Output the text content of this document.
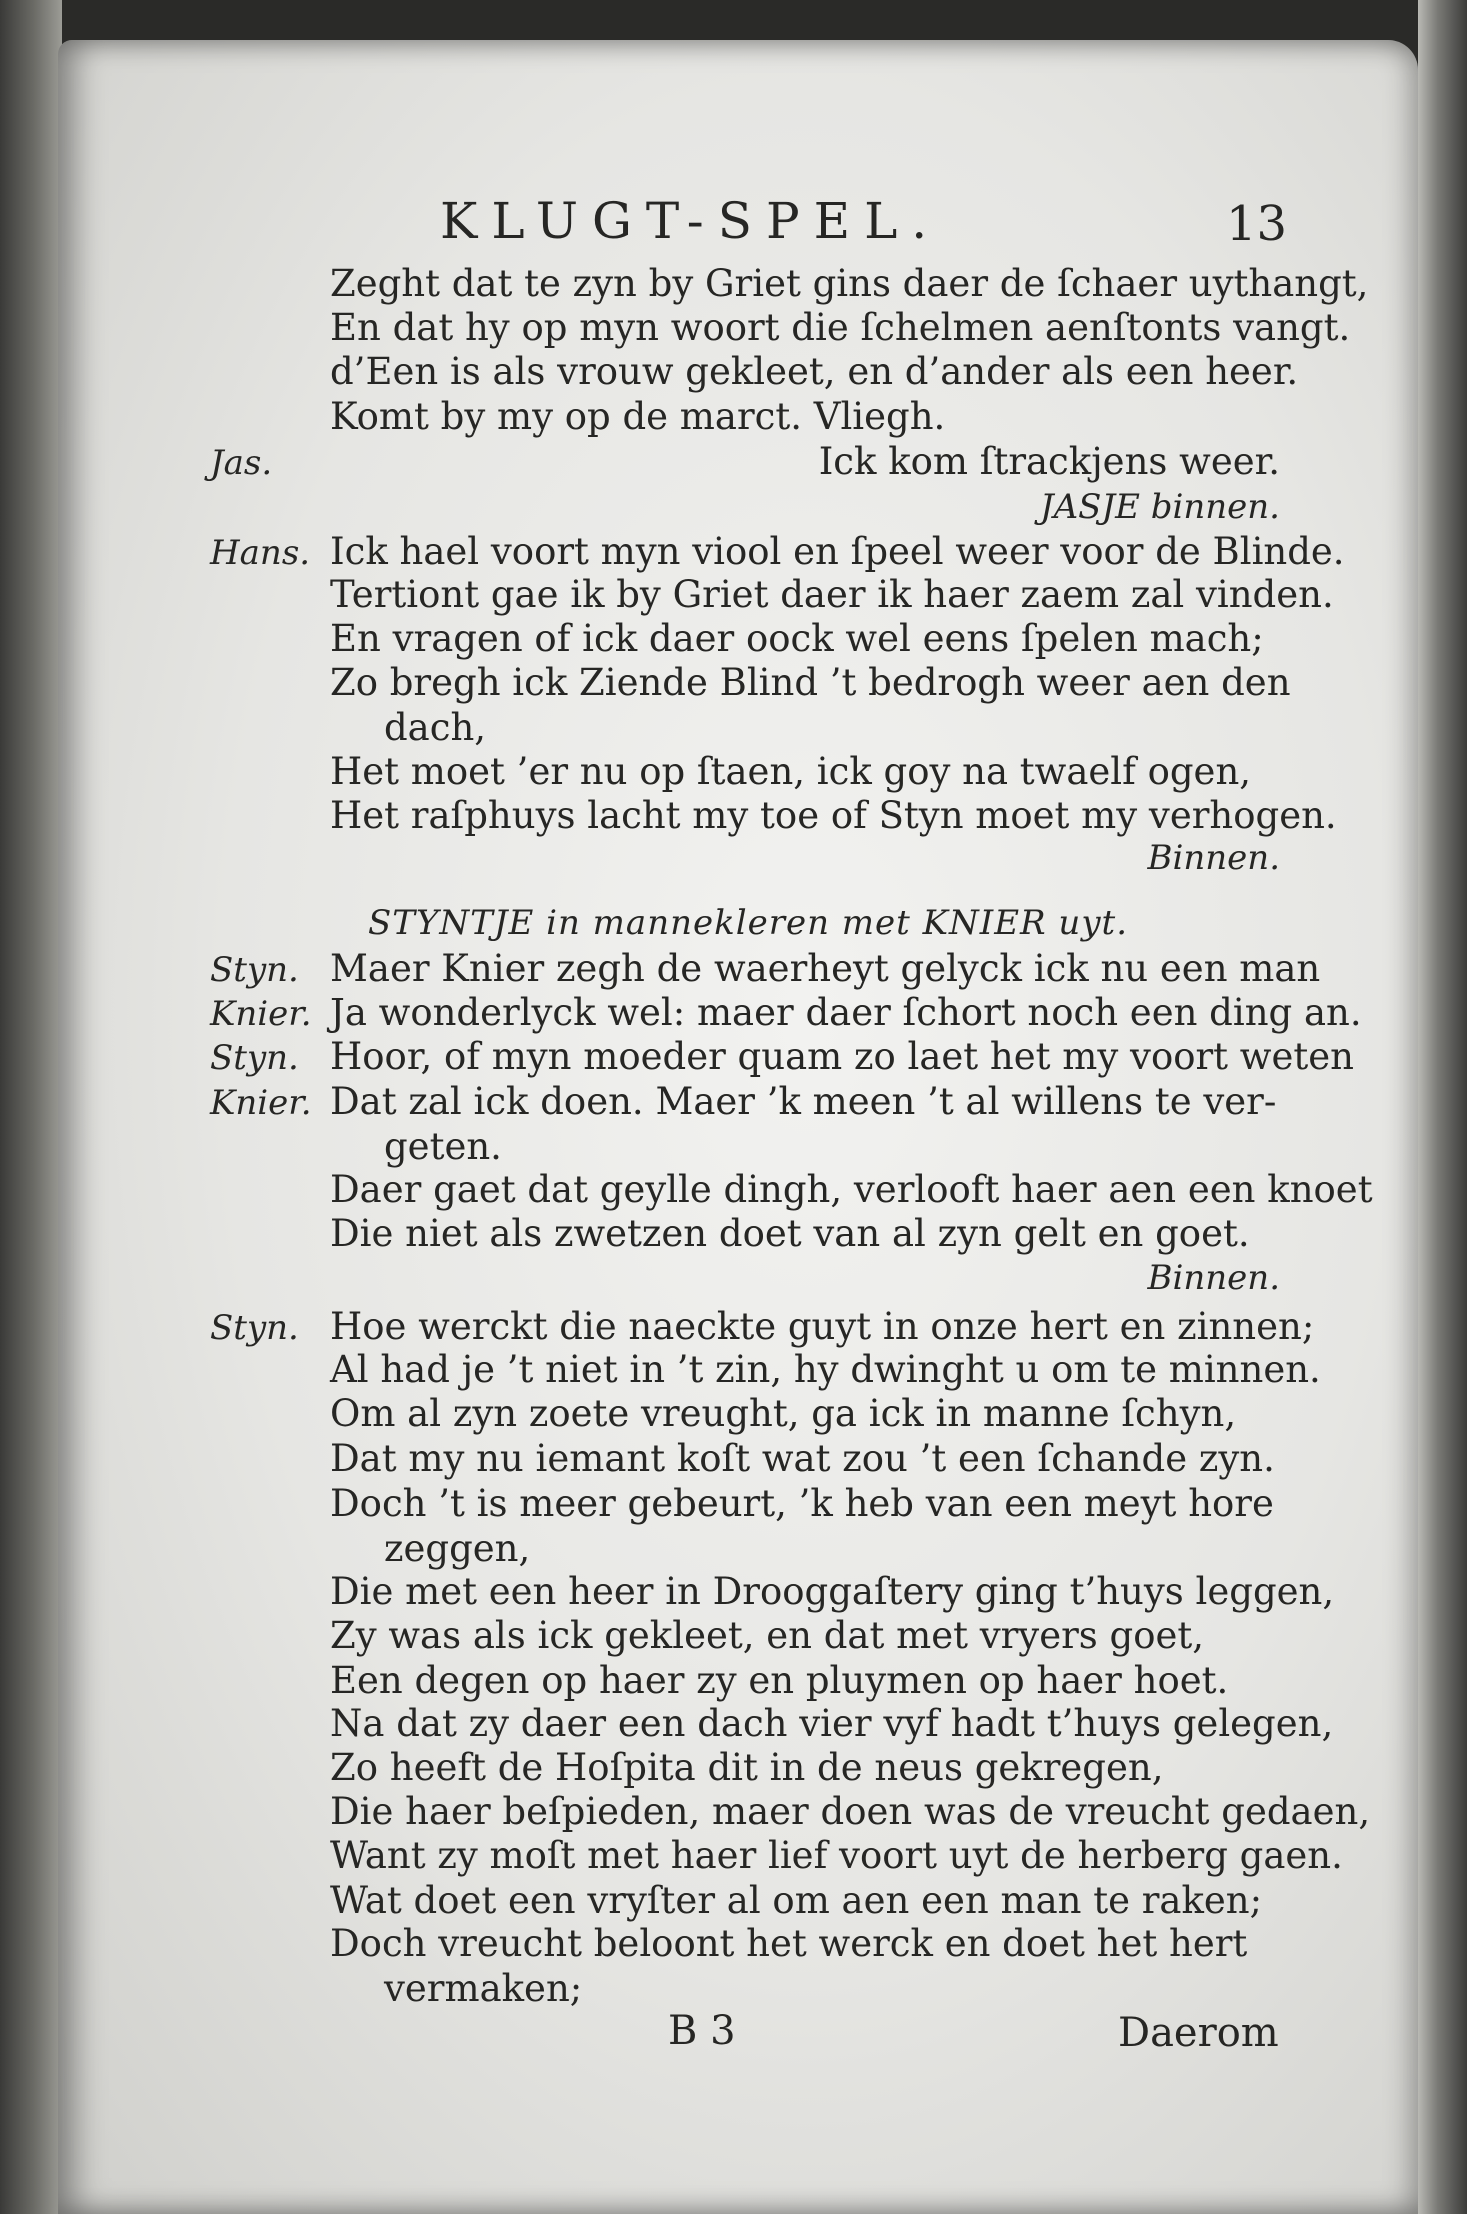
KLUGT-SPEL.	13
Zeght dat te zyn by Griet gins daer de ſchaer uythangt,
En dat hy op myn woort die ſchelmen aenſtonts vangt.
d’Een is als vrouw gekleet, en d’ander als een heer.
Komt by my op de marct. Vliegh.
Jas.	Ick kom ſtrackjens weer.
JASJE binnen.
Hans. Ick hael voort myn viool en ſpeel weer voor de Blinde.
Tertiont gae ik by Griet daer ik haer zaem zal vinden.
En vragen of ick daer oock wel eens ſpelen mach;
Zo bregh ick Ziende Blind ’t bedrogh weer aen den
dach,
Het moet ’er nu op ſtaen, ick goy na twaelf ogen,
Het raſphuys lacht my toe of Styn moet my verhogen.
Binnen.
STYNTJE in mannekleren met KNIER uyt.
Styn. Maer Knier zegh de waerheyt gelyck ick nu een man
Knier. Ja wonderlyck wel: maer daer ſchort noch een ding an.
Styn. Hoor, of myn moeder quam zo laet het my voort weten
Knier. Dat zal ick doen. Maer ’k meen ’t al willens te ver-
geten.
Daer gaet dat geylle dingh, verlooft haer aen een knoet
Die niet als zwetzen doet van al zyn gelt en goet.
Binnen.
Styn. Hoe werckt die naeckte guyt in onze hert en zinnen;
Al had je ’t niet in ’t zin, hy dwinght u om te minnen.
Om al zyn zoete vreught, ga ick in manne ſchyn,
Dat my nu iemant koſt wat zou ’t een ſchande zyn.
Doch ’t is meer gebeurt, ’k heb van een meyt hore
zeggen,
Die met een heer in Drooggaſtery ging t’huys leggen,
Zy was als ick gekleet, en dat met vryers goet,
Een degen op haer zy en pluymen op haer hoet.
Na dat zy daer een dach vier vyf hadt t’huys gelegen,
Zo heeft de Hoſpita dit in de neus gekregen,
Die haer beſpieden, maer doen was de vreucht gedaen,
Want zy moſt met haer lief voort uyt de herberg gaen.
Wat doet een vryſter al om aen een man te raken;
Doch vreucht beloont het werck en doet het hert
vermaken;
B 3	Daerom
